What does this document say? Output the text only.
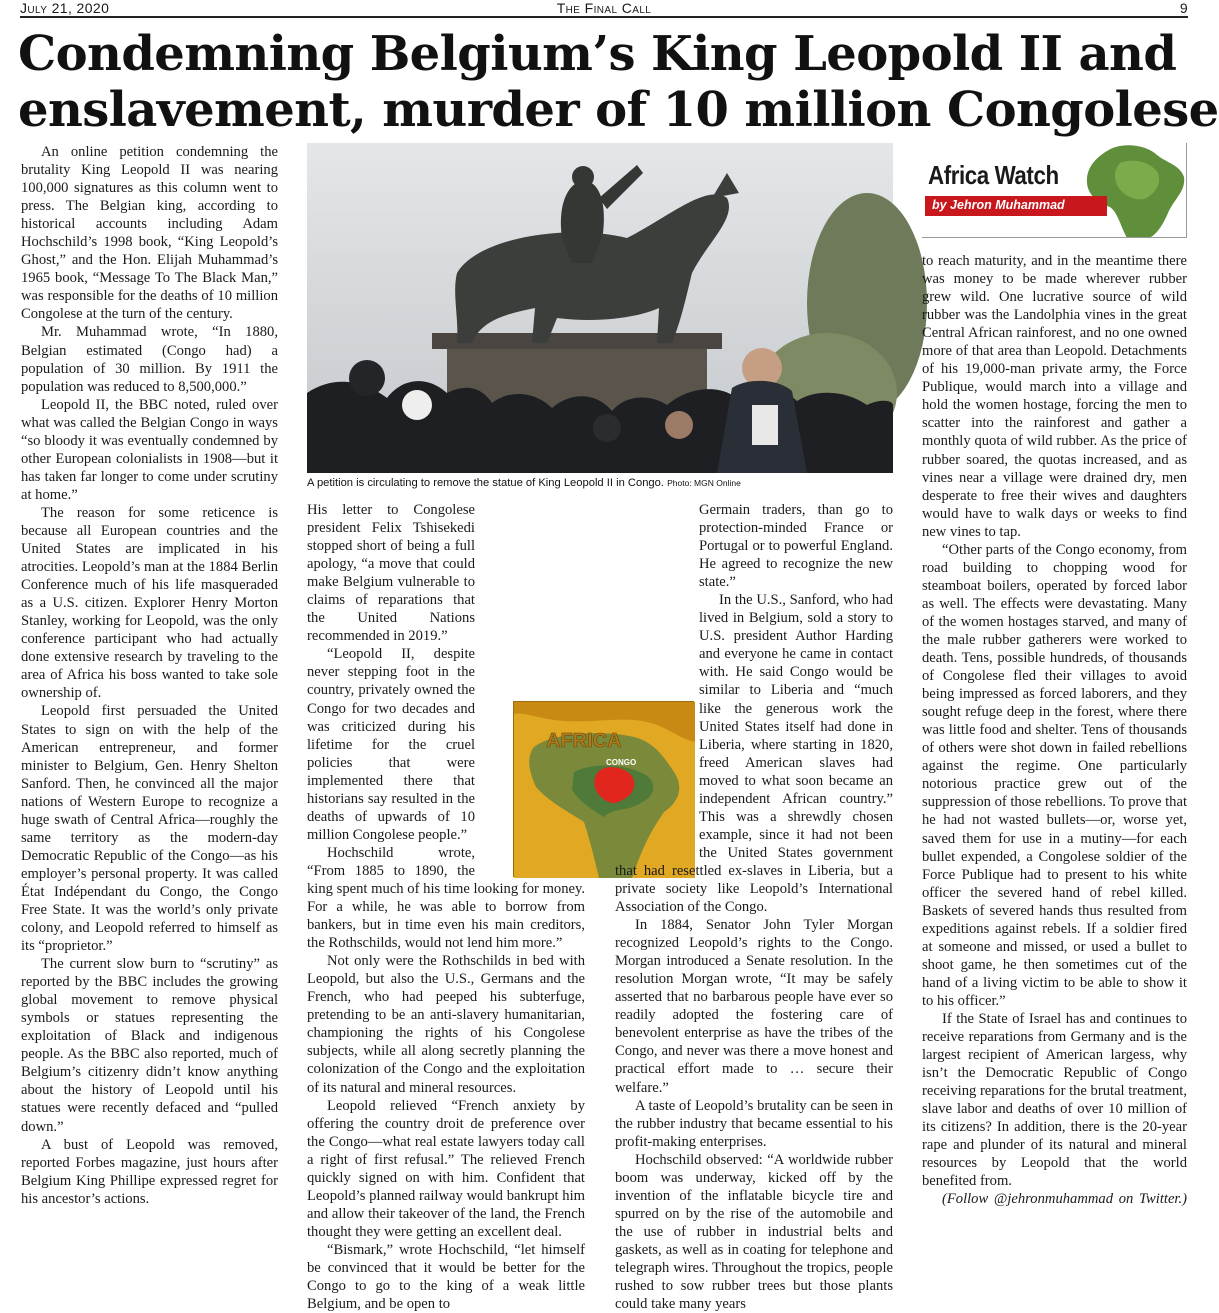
July 21, 2020	The Final Call	9
Condemning Belgium’s King Leopold II and
enslavement, murder of 10 million Congolese

An online petition condemning the brutality King Leopold II was nearing 100,000 signatures as this column went to press. The Belgian king, according to historical accounts including Adam Hochschild’s 1998 book, “King Leopold’s Ghost,” and the Hon. Elijah Muhammad’s 1965 book, “Message To The Black Man,” was responsible for the deaths of 10 million Congolese at the turn of the century.

Mr. Muhammad wrote, “In 1880, Belgian estimated (Congo had) a population of 30 million. By 1911 the population was reduced to 8,500,000.”

Leopold II, the BBC noted, ruled over what was called the Belgian Congo in ways “so bloody it was eventually condemned by other European colonialists in 1908—but it has taken far longer to come under scrutiny at home.”

The reason for some reticence is because all European countries and the United States are implicated in his atrocities. Leopold’s man at the 1884 Berlin Conference much of his life masqueraded as a U.S. citizen. Explorer Henry Morton Stanley, working for Leopold, was the only conference participant who had actually done extensive research by traveling to the area of Africa his boss wanted to take sole ownership of.

Leopold first persuaded the United States to sign on with the help of the American entrepreneur, and former minister to Belgium, Gen. Henry Shelton Sanford. Then, he convinced all the major nations of Western Europe to recognize a huge swath of Central Africa—roughly the same territory as the modern-day Democratic Republic of the Congo—as his employer’s personal property. It was called État Indépendant du Congo, the Congo Free State. It was the world’s only private colony, and Leopold referred to himself as its “proprietor.”

The current slow burn to “scrutiny” as reported by the BBC includes the growing global movement to remove physical symbols or statues representing the exploitation of Black and indigenous people. As the BBC also reported, much of Belgium’s citizenry didn’t know anything about the history of Leopold until his statues were recently defaced and “pulled down.”

A bust of Leopold was removed, reported Forbes magazine, just hours after Belgium King Phillipe expressed regret for his ancestor’s actions.

A petition is circulating to remove the statue of King Leopold II in Congo. Photo: MGN Online

His letter to Congolese president Felix Tshisekedi stopped short of being a full apology, “a move that could make Belgium vulnerable to claims of reparations that the United Nations recommended in 2019.”

“Leopold II, despite never stepping foot in the country, privately owned the Congo for two decades and was criticized during his lifetime for the cruel policies that were implemented there that historians say resulted in the deaths of upwards of 10 million Congolese people.”

Hochschild wrote, “From 1885 to 1890, the king spent much of his time looking for money. For a while, he was able to borrow from bankers, but in time even his main creditors, the Rothschilds, would not lend him more.”

Not only were the Rothschilds in bed with Leopold, but also the U.S., Germans and the French, who had peeped his subterfuge, pretending to be an anti-slavery humanitarian, championing the rights of his Congolese subjects, while all along secretly planning the colonization of the Congo and the exploitation of its natural and mineral resources.

Leopold relieved “French anxiety by offering the country droit de preference over the Congo—what real estate lawyers today call a right of first refusal.” The relieved French quickly signed on with him. Confident that Leopold’s planned railway would bankrupt him and allow their takeover of the land, the French thought they were getting an excellent deal.

“Bismark,” wrote Hochschild, “let himself be convinced that it would be better for the Congo to go to the king of a weak little Belgium, and be open to

AFRICA
CONGO

Germain traders, than go to protection-minded France or Portugal or to powerful England. He agreed to recognize the new state.”

In the U.S., Sanford, who had lived in Belgium, sold a story to U.S. president Author Harding and everyone he came in contact with. He said Congo would be similar to Liberia and “much like the generous work the United States itself had done in Liberia, where starting in 1820, freed American slaves had moved to what soon became an independent African country.” This was a shrewdly chosen example, since it had not been the United States government that had resettled ex-slaves in Liberia, but a private society like Leopold’s International Association of the Congo.

In 1884, Senator John Tyler Morgan recognized Leopold’s rights to the Congo. Morgan introduced a Senate resolution. In the resolution Morgan wrote, “It may be safely asserted that no barbarous people have ever so readily adopted the fostering care of benevolent enterprise as have the tribes of the Congo, and never was there a move honest and practical effort made to … secure their welfare.”

A taste of Leopold’s brutality can be seen in the rubber industry that became essential to his profit-making enterprises.

Hochschild observed: “A worldwide rubber boom was underway, kicked off by the invention of the inflatable bicycle tire and spurred on by the rise of the automobile and the use of rubber in industrial belts and gaskets, as well as in coating for telephone and telegraph wires. Throughout the tropics, people rushed to sow rubber trees but those plants could take many years

Africa Watch
by Jehron Muhammad

to reach maturity, and in the meantime there was money to be made wherever rubber grew wild. One lucrative source of wild rubber was the Landolphia vines in the great Central African rainforest, and no one owned more of that area than Leopold. Detachments of his 19,000-man private army, the Force Publique, would march into a village and hold the women hostage, forcing the men to scatter into the rainforest and gather a monthly quota of wild rubber. As the price of rubber soared, the quotas increased, and as vines near a village were drained dry, men desperate to free their wives and daughters would have to walk days or weeks to find new vines to tap.

“Other parts of the Congo economy, from road building to chopping wood for steamboat boilers, operated by forced labor as well. The effects were devastating. Many of the women hostages starved, and many of the male rubber gatherers were worked to death. Tens, possible hundreds, of thousands of Congolese fled their villages to avoid being impressed as forced laborers, and they sought refuge deep in the forest, where there was little food and shelter. Tens of thousands of others were shot down in failed rebellions against the regime. One particularly notorious practice grew out of the suppression of those rebellions. To prove that he had not wasted bullets—or, worse yet, saved them for use in a mutiny—for each bullet expended, a Congolese soldier of the Force Publique had to present to his white officer the severed hand of rebel killed. Baskets of severed hands thus resulted from expeditions against rebels. If a soldier fired at someone and missed, or used a bullet to shoot game, he then sometimes cut of the hand of a living victim to be able to show it to his officer.”

If the State of Israel has and continues to receive reparations from Germany and is the largest recipient of American largess, why isn’t the Democratic Republic of Congo receiving reparations for the brutal treatment, slave labor and deaths of over 10 million of its citizens? In addition, there is the 20-year rape and plunder of its natural and mineral resources by Leopold that the world benefited from.

(Follow @jehronmuhammad on Twitter.)
